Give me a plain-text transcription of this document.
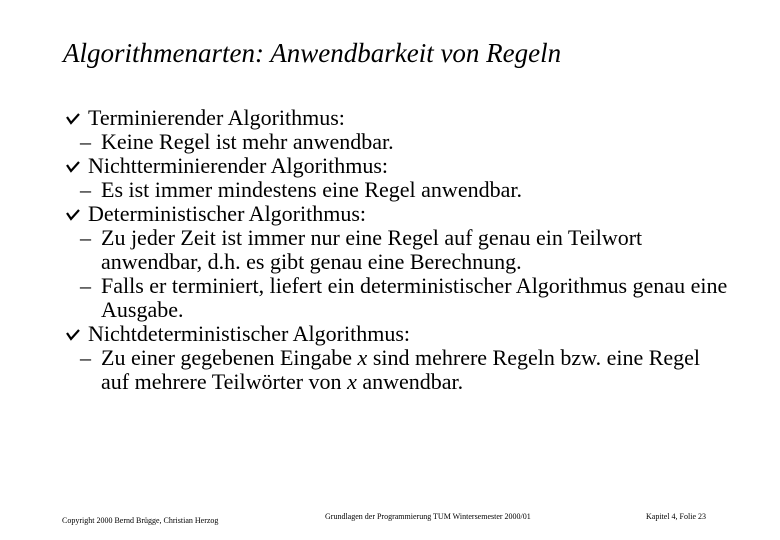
Algorithmenarten: Anwendbarkeit von Regeln
Terminierender Algorithmus:
– Keine Regel ist mehr anwendbar.
Nichtterminierender Algorithmus:
– Es ist immer mindestens eine Regel anwendbar.
Deterministischer Algorithmus:
– Zu jeder Zeit ist immer nur eine Regel auf genau ein Teilwort anwendbar, d.h. es gibt genau eine Berechnung.
– Falls er terminiert, liefert ein deterministischer Algorithmus genau eine Ausgabe.
Nichtdeterministischer Algorithmus:
– Zu einer gegebenen Eingabe x sind mehrere Regeln bzw. eine Regel auf mehrere Teilwörter von x anwendbar.
Copyright 2000 Bernd Brügge, Christian Herzog	Grundlagen der Programmierung TUM Wintersemester 2000/01	Kapitel 4, Folie 23
